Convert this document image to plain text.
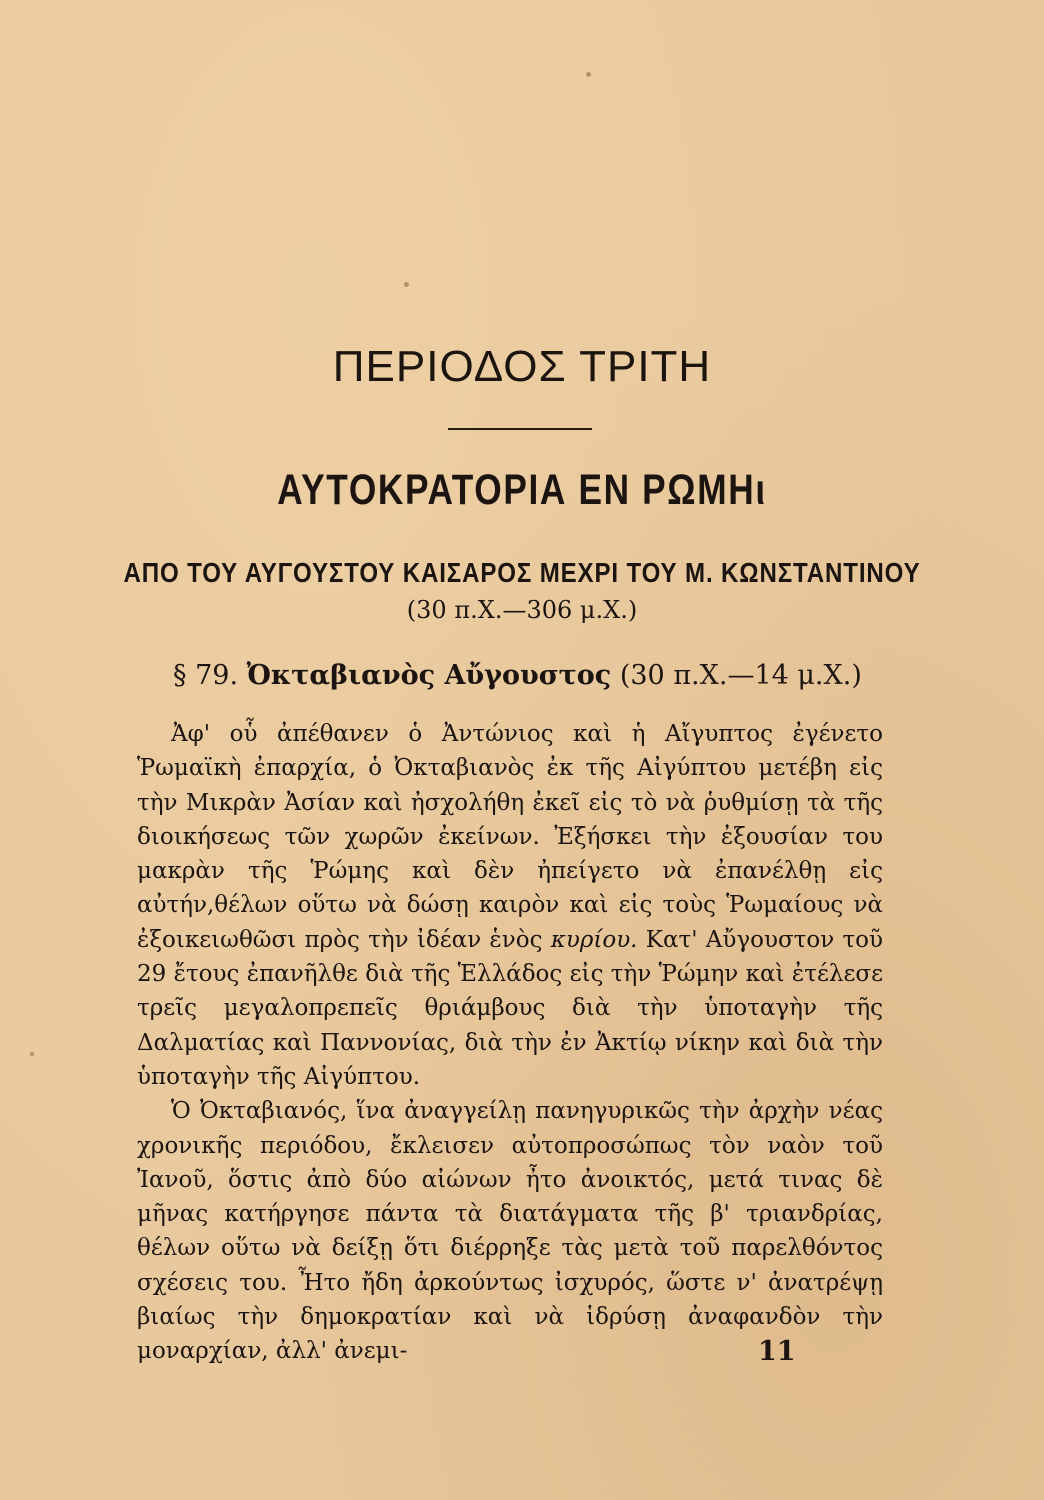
ΠΕΡΙΟΔΟΣ ΤΡΙΤΗ
ΑΥΤΟΚΡΑΤΟΡΙΑ ΕΝ ΡΩΜΗι
ΑΠΟ ΤΟΥ ΑΥΓΟΥΣΤΟΥ ΚΑΙΣΑΡΟΣ ΜΕΧΡΙ ΤΟΥ Μ. ΚΩΝΣΤΑΝΤΙΝΟΥ
(30 π.Χ.—306 μ.Χ.)
§ 79. Ὀκταβιανὸς Αὔγουστος (30 π.Χ.—14 μ.Χ.)

Ἀφ' οὗ ἀπέθανεν ὁ Ἀντώνιος καὶ ἡ Αἴγυπτος ἐγένετο Ῥωμαϊκὴ ἐπαρχία, ὁ Ὀκταβιανὸς ἐκ τῆς Αἰγύπτου μετέβη εἰς τὴν Μικρὰν Ἀσίαν καὶ ἠσχολήθη ἐκεῖ εἰς τὸ νὰ ῥυθμίσῃ τὰ τῆς διοικήσεως τῶν χωρῶν ἐκείνων. Ἐξήσκει τὴν ἐξουσίαν του μακρὰν τῆς Ῥώμης καὶ δὲν ἠπείγετο νὰ ἐπανέλθῃ εἰς αὐτήν,θέλων οὕτω νὰ δώσῃ καιρὸν καὶ εἰς τοὺς Ῥωμαίους νὰ ἐξοικειωθῶσι πρὸς τὴν ἰδέαν ἑνὸς κυρίου. Κατ' Αὔγουστον τοῦ 29 ἔτους ἐπανῆλθε διὰ τῆς Ἑλλάδος εἰς τὴν Ῥώμην καὶ ἐτέλεσε τρεῖς μεγαλοπρεπεῖς θριάμβους διὰ τὴν ὑποταγὴν τῆς Δαλματίας καὶ Παννονίας, διὰ τὴν ἐν Ἀκτίῳ νίκην καὶ διὰ τὴν ὑποταγὴν τῆς Αἰγύπτου.

Ὁ Ὀκταβιανός, ἵνα ἀναγγείλῃ πανηγυρικῶς τὴν ἀρχὴν νέας χρονικῆς περιόδου, ἔκλεισεν αὐτοπροσώπως τὸν ναὸν τοῦ Ἰανοῦ, ὅστις ἀπὸ δύο αἰώνων ἦτο ἀνοικτός, μετά τινας δὲ μῆνας κατήργησε πάντα τὰ διατάγματα τῆς β' τριανδρίας, θέλων οὕτω νὰ δείξῃ ὅτι διέρρηξε τὰς μετὰ τοῦ παρελθόντος σχέσεις του. Ἦτο ἤδη ἀρκούντως ἰσχυρός, ὥστε ν' ἀνατρέψῃ βιαίως τὴν δημοκρατίαν καὶ νὰ ἱδρύσῃ ἀναφανδὸν τὴν μοναρχίαν, ἀλλ' ἀνεμι-	11
